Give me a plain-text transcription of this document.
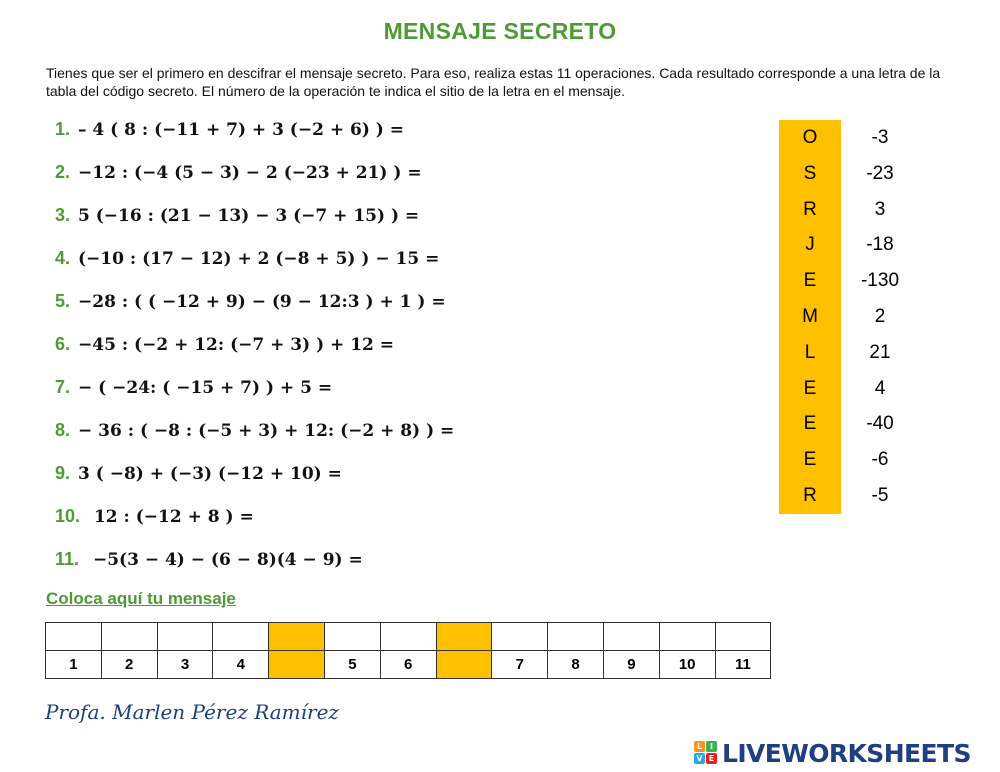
MENSAJE SECRETO
Tienes que ser el primero en descifrar el mensaje secreto. Para eso, realiza estas 11 operaciones. Cada resultado corresponde a una letra de la tabla del código secreto. El número de la operación te indica el sitio de la letra en el mensaje.
1. – 4 ( 8 : (−11 + 7) + 3 (−2 + 6) ) =
2. −12 : (−4 (5 − 3) − 2 (−23 + 21) ) =
3. 5 (−16 : (21 − 13) − 3 (−7 + 15) ) =
4. (−10 : (17 − 12) + 2 (−8 + 5) ) − 15 =
5. −28 : ( ( −12 + 9) − (9 − 12:3 ) + 1 ) =
6. −45 : (−2 + 12: (−7 + 3) ) + 12 =
7. − ( −24: ( −15 + 7) ) + 5 =
8. − 36 : ( −8 : (−5 + 3) + 12: (−2 + 8) ) =
9. 3 ( −8) + (−3) (−12 + 10) =
10. 12 : (−12 + 8 ) =
11. −5(3 − 4) − (6 − 8)(4 − 9) =
O	-3
S	-23
R	3
J	-18
E	-130
M	2
L	21
E	4
E	-40
E	-6
R	-5
Coloca aquí tu mensaje

1	2	3	4		5	6		7	8	9	10	11
Profa. Marlen Pérez Ramírez
L I
V E LIVEWORKSHEETS
